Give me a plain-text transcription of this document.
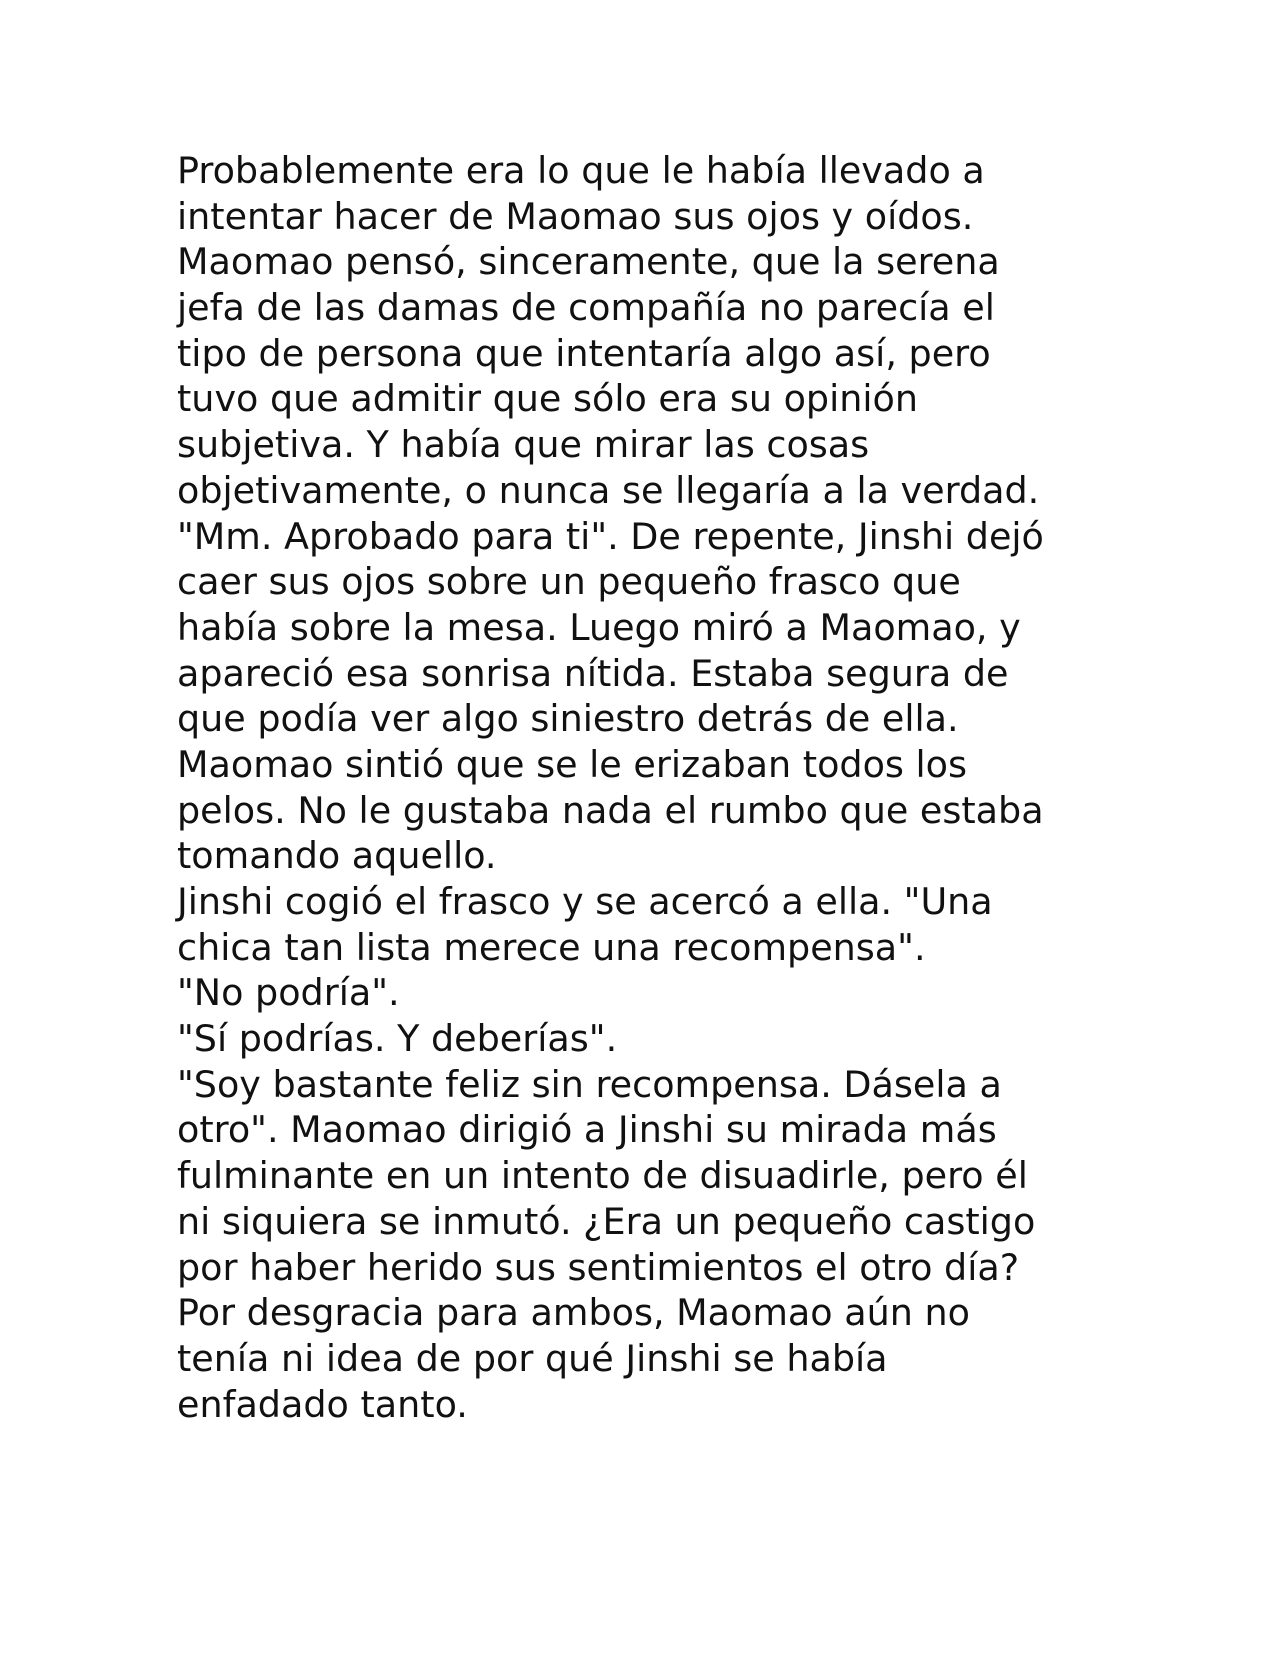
Probablemente era lo que le había llevado a
intentar hacer de Maomao sus ojos y oídos.
Maomao pensó, sinceramente, que la serena
jefa de las damas de compañía no parecía el
tipo de persona que intentaría algo así, pero
tuvo que admitir que sólo era su opinión
subjetiva. Y había que mirar las cosas
objetivamente, o nunca se llegaría a la verdad.
"Mm. Aprobado para ti". De repente, Jinshi dejó
caer sus ojos sobre un pequeño frasco que
había sobre la mesa. Luego miró a Maomao, y
apareció esa sonrisa nítida. Estaba segura de
que podía ver algo siniestro detrás de ella.
Maomao sintió que se le erizaban todos los
pelos. No le gustaba nada el rumbo que estaba
tomando aquello.
Jinshi cogió el frasco y se acercó a ella. "Una
chica tan lista merece una recompensa".
"No podría".
"Sí podrías. Y deberías".
"Soy bastante feliz sin recompensa. Dásela a
otro". Maomao dirigió a Jinshi su mirada más
fulminante en un intento de disuadirle, pero él
ni siquiera se inmutó. ¿Era un pequeño castigo
por haber herido sus sentimientos el otro día?
Por desgracia para ambos, Maomao aún no
tenía ni idea de por qué Jinshi se había
enfadado tanto.
